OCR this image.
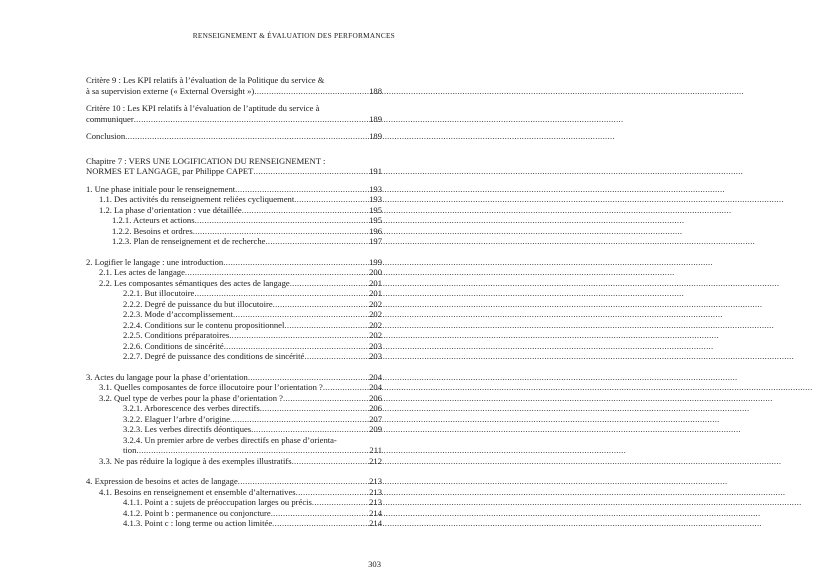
RENSEIGNEMENT & ÉVALUATION DES PERFORMANCES
Critère 9 : Les KPI relatifs à l’évaluation de la Politique du service &
à sa supervision externe (« External Oversight ») .....	188
Critère 10 : Les KPI relatifs à l’évaluation de l’aptitude du service à
communiquer .....	189
Conclusion .....	189
Chapitre 7 : VERS UNE LOGIFICATION DU RENSEIGNEMENT :
NORMES ET LANGAGE, par Philippe CAPET .....	191
1. Une phase initiale pour le renseignement .....	193
1.1. Des activités du renseignement reliées cycliquement .....	193
1.2. La phase d’orientation : vue détaillée .....	195
1.2.1. Acteurs et actions .....	195
1.2.2. Besoins et ordres .....	196
1.2.3. Plan de renseignement et de recherche .....	197
2. Logifier le langage : une introduction .....	199
2.1. Les actes de langage .....	200
2.2. Les composantes sémantiques des actes de langage .....	201
2.2.1. But illocutoire .....	201
2.2.2. Degré de puissance du but illocutoire .....	202
2.2.3. Mode d’accomplissement .....	202
2.2.4. Conditions sur le contenu propositionnel .....	202
2.2.5. Conditions préparatoires .....	202
2.2.6. Conditions de sincérité .....	203
2.2.7. Degré de puissance des conditions de sincérité .....	203
3. Actes du langage pour la phase d’orientation .....	204
3.1. Quelles composantes de force illocutoire pour l’orientation ? .....	204
3.2. Quel type de verbes pour la phase d’orientation ? .....	206
3.2.1. Arborescence des verbes directifs .....	206
3.2.2. Elaguer l’arbre d’origine .....	207
3.2.3. Les verbes directifs déontiques .....	209
3.2.4. Un premier arbre de verbes directifs en phase d’orienta-
tion .....	211
3.3. Ne pas réduire la logique à des exemples illustratifs .....	212
4. Expression de besoins et actes de langage .....	213
4.1. Besoins en renseignement et ensemble d’alternatives .....	213
4.1.1. Point a : sujets de préoccupation larges ou précis .....	213
4.1.2. Point b : permanence ou conjoncture .....	214
4.1.3. Point c : long terme ou action limitée .....	214
303
